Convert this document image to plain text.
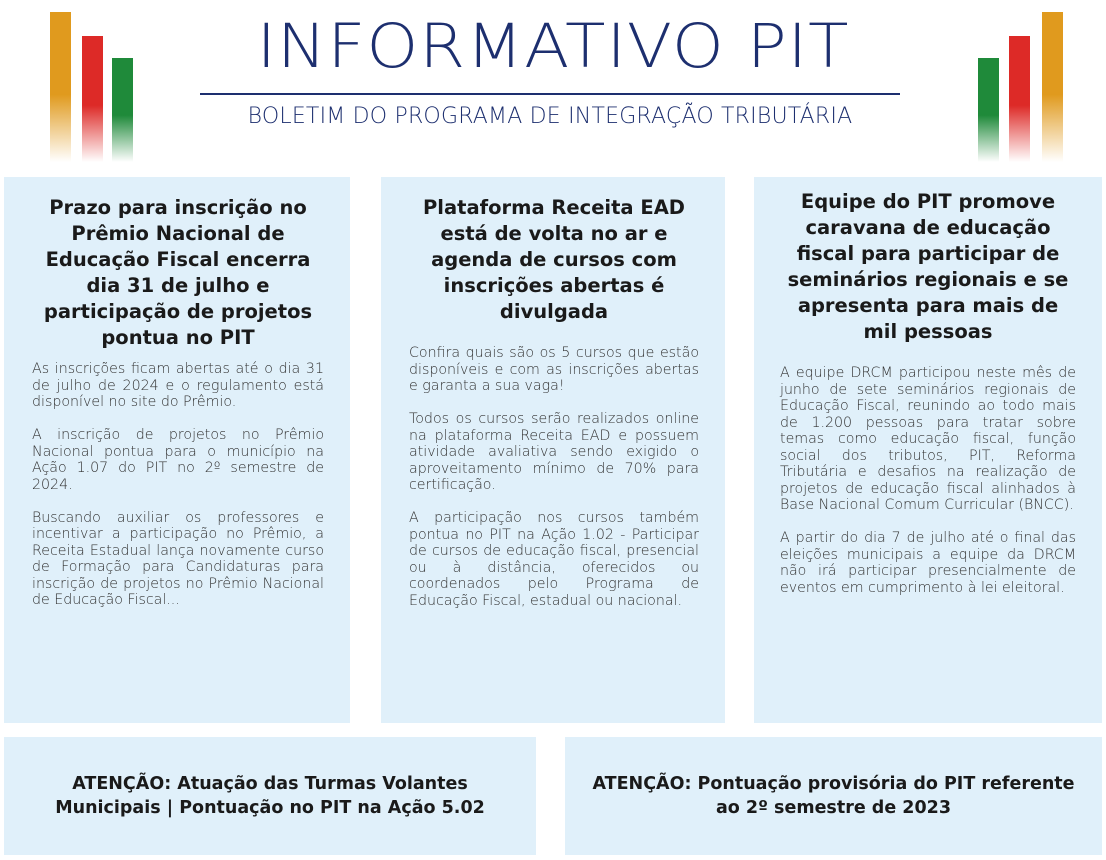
INFORMATIVO PIT

BOLETIM DO PROGRAMA DE INTEGRAÇÃO TRIBUTÁRIA

Prazo para inscrição no Prêmio Nacional de Educação Fiscal encerra dia 31 de julho e participação de projetos pontua no PIT

As inscrições ficam abertas até o dia 31 de julho de 2024 e o regulamento está disponível no site do Prêmio.

A inscrição de projetos no Prêmio Nacional pontua para o município na Ação 1.07 do PIT no 2º semestre de 2024.

Buscando auxiliar os professores e incentivar a participação no Prêmio, a Receita Estadual lança novamente curso de Formação para Candidaturas para inscrição de projetos no Prêmio Nacional de Educação Fiscal...

Plataforma Receita EAD está de volta no ar e agenda de cursos com inscrições abertas é divulgada

Confira quais são os 5 cursos que estão disponíveis e com as inscrições abertas e garanta a sua vaga!

Todos os cursos serão realizados online na plataforma Receita EAD e possuem atividade avaliativa sendo exigido o aproveitamento mínimo de 70% para certificação.

A participação nos cursos também pontua no PIT na Ação 1.02 - Participar de cursos de educação fiscal, presencial ou à distância, oferecidos ou coordenados pelo Programa de Educação Fiscal, estadual ou nacional.

Equipe do PIT promove caravana de educação fiscal para participar de seminários regionais e se apresenta para mais de mil pessoas

A equipe DRCM participou neste mês de junho de sete seminários regionais de Educação Fiscal, reunindo ao todo mais de 1.200 pessoas para tratar sobre temas como educação fiscal, função social dos tributos, PIT, Reforma Tributária e desafios na realização de projetos de educação fiscal alinhados à Base Nacional Comum Curricular (BNCC).

A partir do dia 7 de julho até o final das eleições municipais a equipe da DRCM não irá participar presencialmente de eventos em cumprimento à lei eleitoral.

ATENÇÃO: Atuação das Turmas Volantes Municipais | Pontuação no PIT na Ação 5.02

ATENÇÃO: Pontuação provisória do PIT referente ao 2º semestre de 2023
